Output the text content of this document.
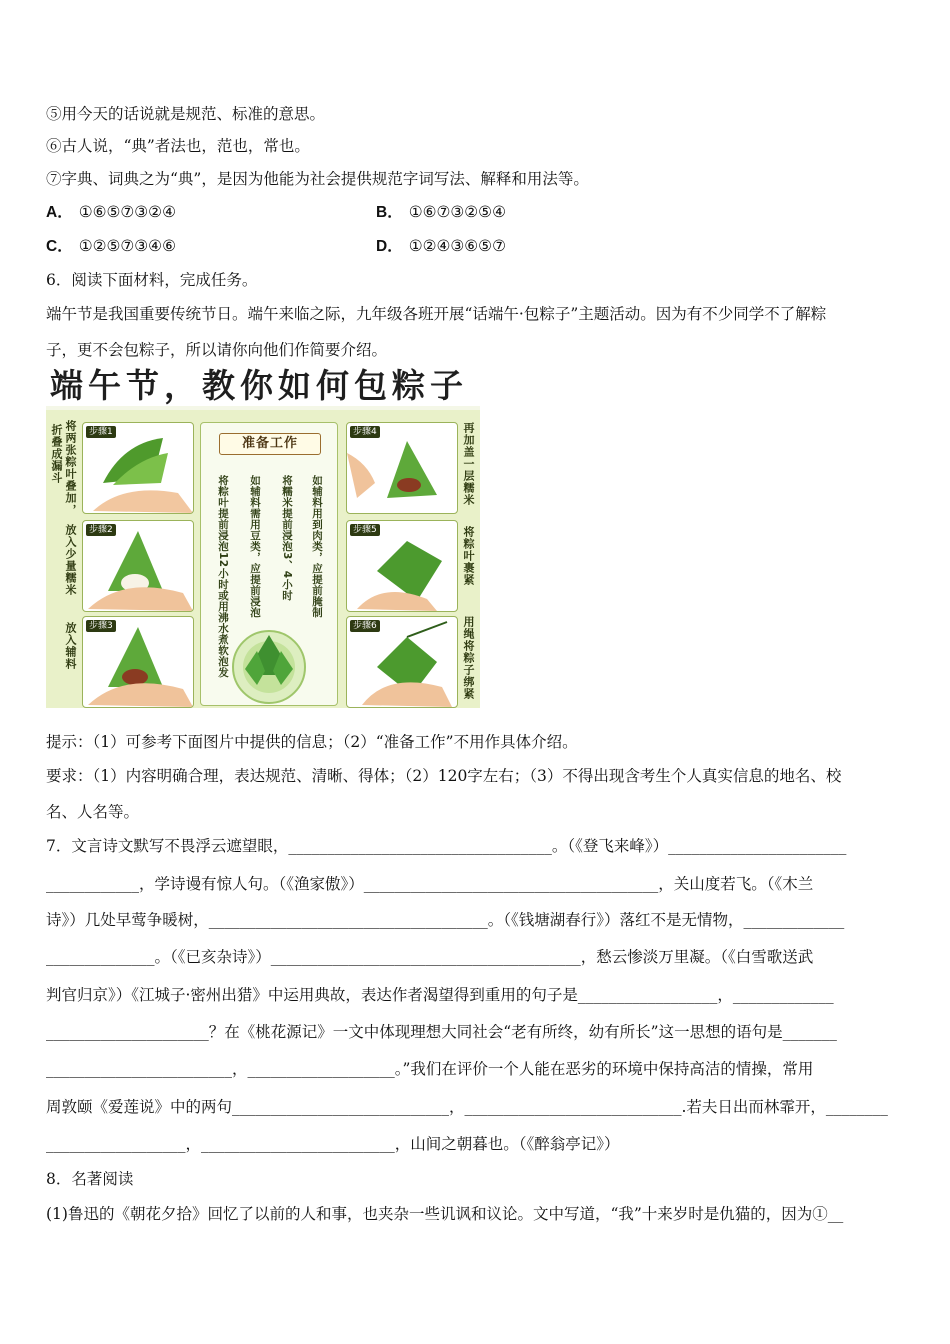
⑤用今天的话说就是规范、标准的意思。
⑥古人说，“典”者法也，范也，常也。
⑦字典、词典之为“典”，是因为他能为社会提供规范字词写法、解释和用法等。
A． ①⑥⑤⑦③②④	B． ①⑥⑦③②⑤④
C． ①②⑤⑦③④⑥	D． ①②④③⑥⑤⑦
6．阅读下面材料，完成任务。
端午节是我国重要传统节日。端午来临之际，九年级各班开展“话端午·包粽子”主题活动。因为有不少同学不了解粽
子，更不会包粽子，所以请你向他们作简要介绍。
端午节，教你如何包粽子
折叠成漏斗 将两张粽叶叠加，
放入少量糯米
放入辅料
步骤1
步骤2
步骤3
准备工作
将粽叶提前浸泡12小时或用沸水煮软泡发 如辅料需用豆类，应提前浸泡 将糯米提前浸泡3、4小时 如辅料用到肉类，应提前腌制
步骤4
步骤5
步骤6
再加盖一层糯米
将粽叶裹紧
用绳将粽子绑紧
提示：（1）可参考下面图片中提供的信息；（2）“准备工作”不用作具体介绍。
要求：（1）内容明确合理，表达规范、清晰、得体；（2）120字左右；（3）不得出现含考生个人真实信息的地名、校
名、人名等。
7．文言诗文默写不畏浮云遮望眼，__________________________________。（《登飞来峰》）_______________________
____________，学诗谩有惊人句。（《渔家傲》）______________________________________，关山度若飞。（《木兰
诗》）几处早莺争暖树，____________________________________。（《钱塘湖春行》）落红不是无情物，_____________
______________。（《已亥杂诗》）________________________________________，愁云惨淡万里凝。（《白雪歌送武
判官归京》）《江城子·密州出猎》中运用典故，表达作者渴望得到重用的句子是__________________，_____________
_____________________？在《桃花源记》一文中体现理想大同社会“老有所终，幼有所长”这一思想的语句是_______
________________________，___________________。”我们在评价一个人能在恶劣的环境中保持高洁的情操，常用
周敦颐《爱莲说》中的两句____________________________，____________________________.若夫日出而林霏开，________
__________________，_________________________，山间之朝暮也。（《醉翁亭记》）
8．名著阅读
(1)鲁迅的《朝花夕拾》回忆了以前的人和事，也夹杂一些讥讽和议论。文中写道，“我”十来岁时是仇猫的，因为①__
